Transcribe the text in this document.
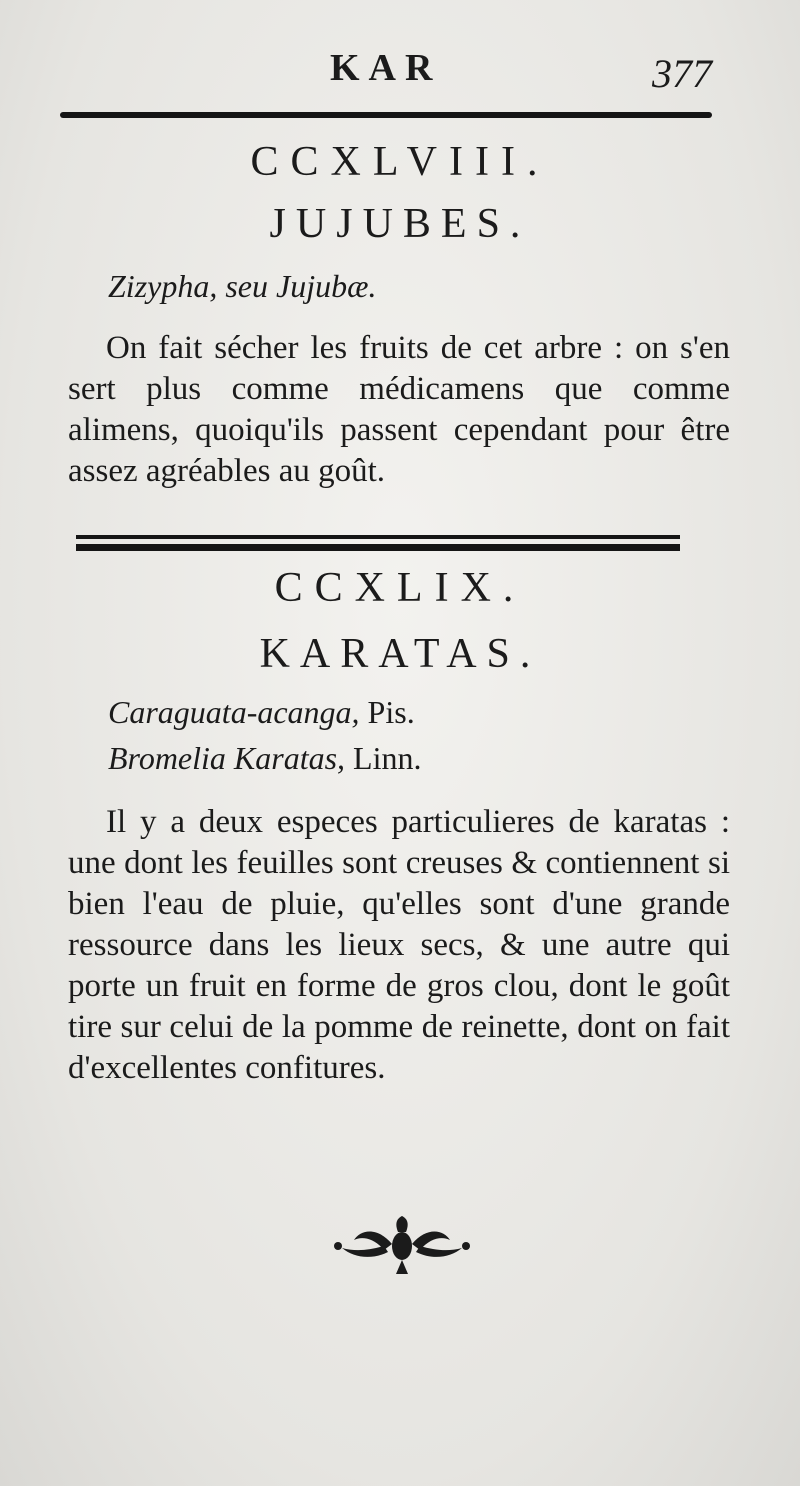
KAR	377
CCXLVIII.
JUJUBES.
Zizypha, seu Jujubæ.

On fait sécher les fruits de cet arbre : on s'en sert plus comme médicamens que comme alimens, quoiqu'ils passent cependant pour être assez agréables au goût.

CCXLIX.
KARATAS.
Caraguata-acanga, Pis.
Bromelia Karatas, Linn.

Il y a deux especes particulieres de karatas : une dont les feuilles sont creuses & contiennent si bien l'eau de pluie, qu'elles sont d'une grande ressource dans les lieux secs, & une autre qui porte un fruit en forme de gros clou, dont le goût tire sur celui de la pomme de reinette, dont on fait d'excellentes confitures.
